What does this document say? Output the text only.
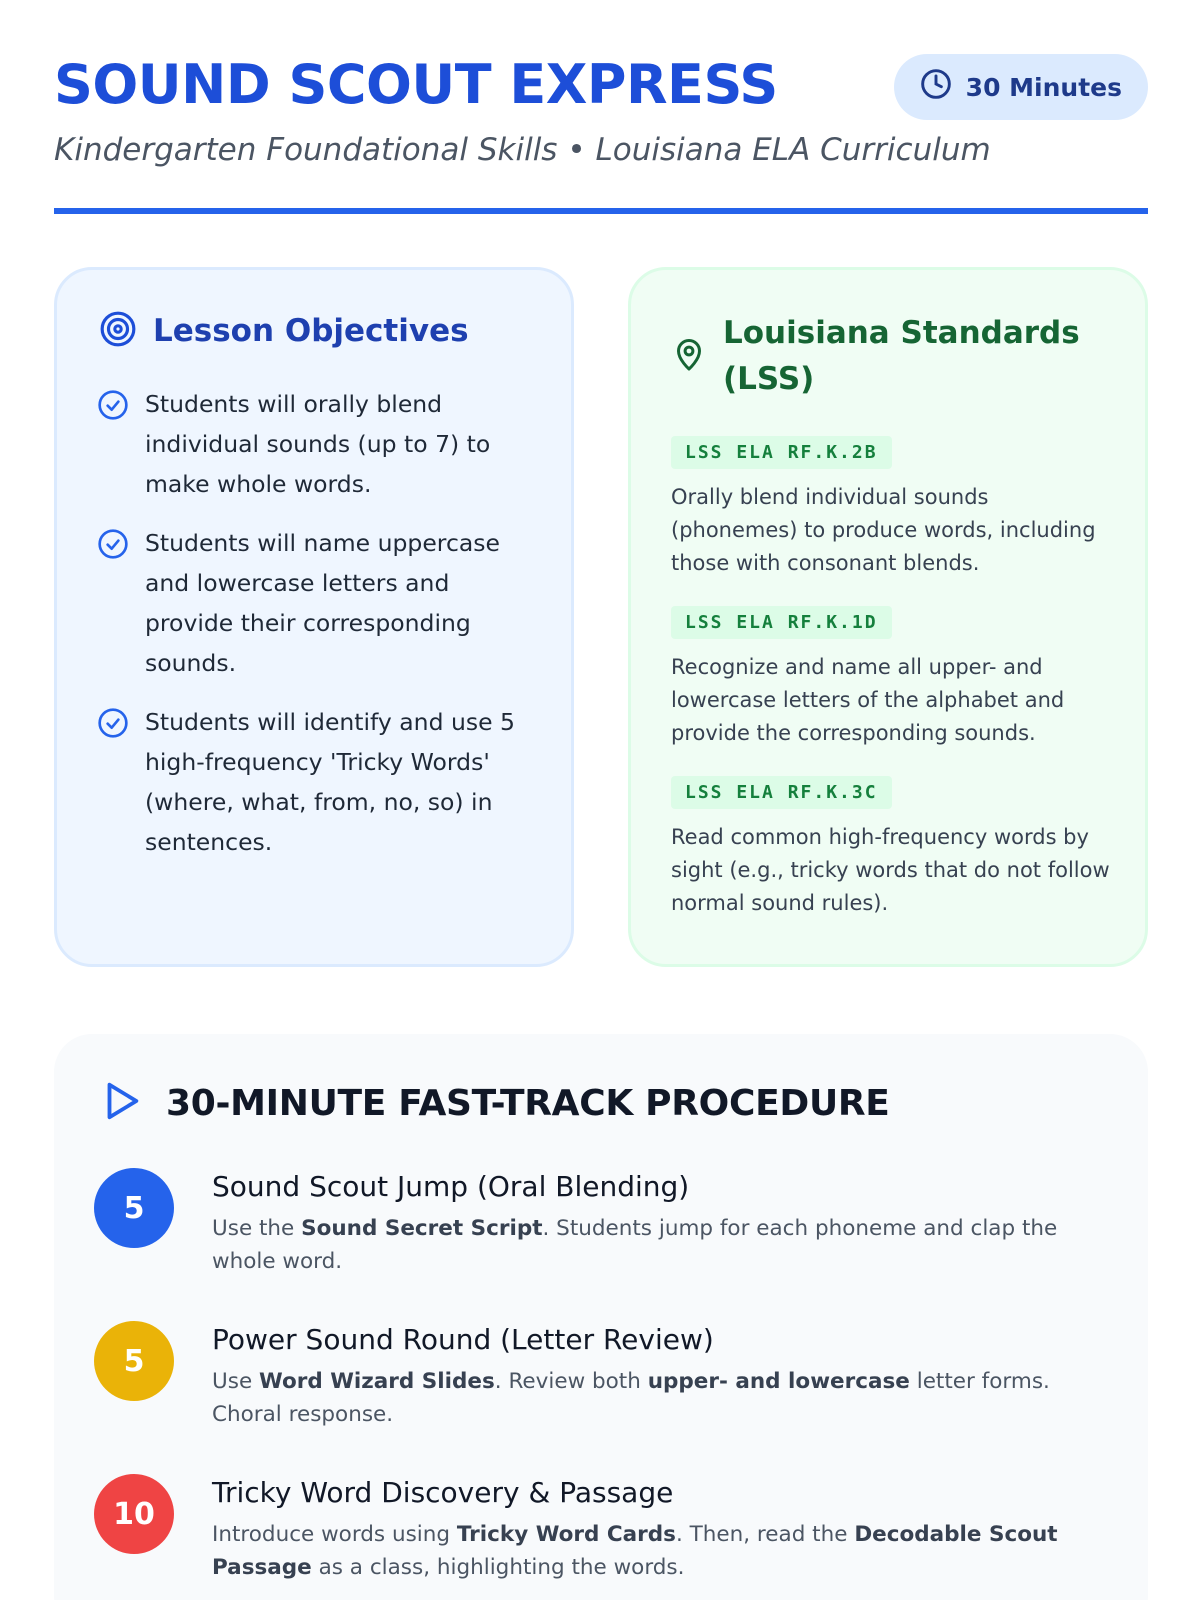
SOUND SCOUT EXPRESS	30 Minutes
Kindergarten Foundational Skills • Louisiana ELA Curriculum
Lesson Objectives

Students will orally blend individual sounds (up to 7) to make whole words.

Students will name uppercase and lowercase letters and provide their corresponding sounds.

Students will identify and use 5 high-frequency 'Tricky Words' (where, what, from, no, so) in sentences.

Louisiana Standards (LSS)
LSS ELA RF.K.2B

Orally blend individual sounds (phonemes) to produce words, including those with consonant blends.

LSS ELA RF.K.1D

Recognize and name all upper- and lowercase letters of the alphabet and provide the corresponding sounds.

LSS ELA RF.K.3C

Read common high-frequency words by sight (e.g., tricky words that do not follow normal sound rules).

30-MINUTE FAST-TRACK PROCEDURE
5
Sound Scout Jump (Oral Blending)

Use the Sound Secret Script. Students jump for each phoneme and clap the whole word.

5
Power Sound Round (Letter Review)

Use Word Wizard Slides. Review both upper- and lowercase letter forms. Choral response.

10
Tricky Word Discovery & Passage

Introduce words using Tricky Word Cards. Then, read the Decodable Scout Passage as a class, highlighting the words.
